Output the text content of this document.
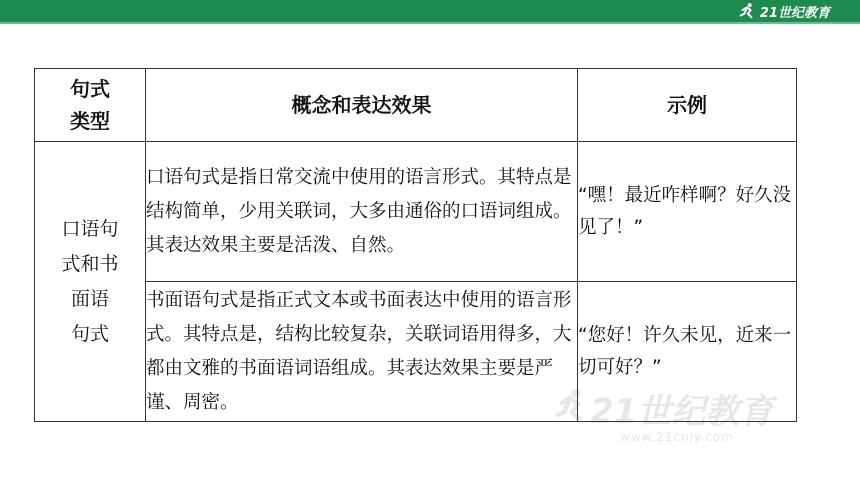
21世纪教育
21世纪教育
www.21cnjy.com
句式
类型	概念和表达效果	示例

口语句
式和书
面语
句式	口语句式是指日常交流中使用的语言形式。其特点是结构简单，少用关联词，大多由通俗的口语词组成。其表达效果主要是活泼、自然。	“嘿！最近咋样啊？好久没见了！”
	书面语句式是指正式文本或书面表达中使用的语言形式。其特点是，结构比较复杂，关联词语用得多，大都由文雅的书面语词语组成。其表达效果主要是严谨、周密。	“您好！许久未见，近来一切可好？”
